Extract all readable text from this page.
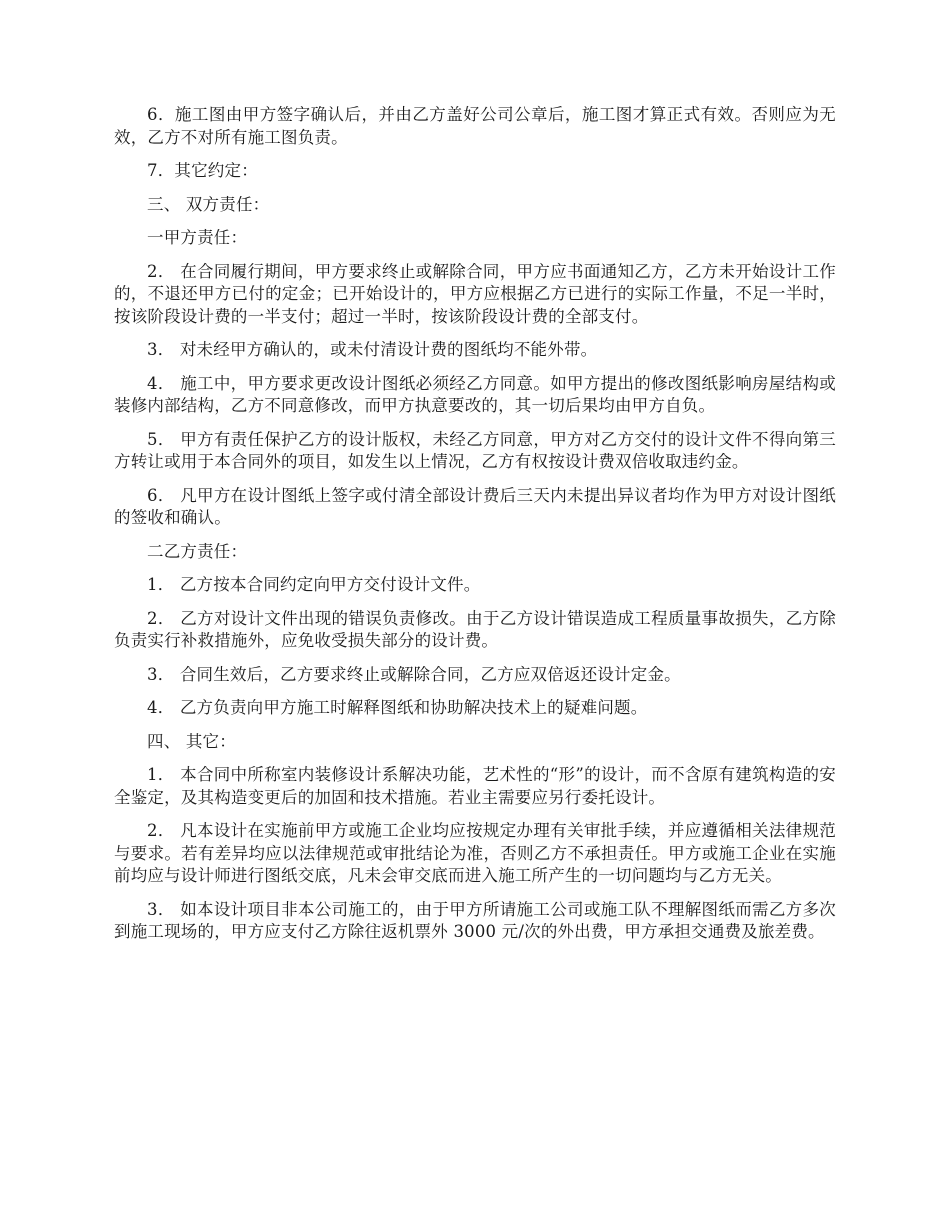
6．施工图由甲方签字确认后，并由乙方盖好公司公章后，施工图才算正式有效。否则应为无效，乙方不对所有施工图负责。

7．其它约定：

三、 双方责任：

一甲方责任：

2． 在合同履行期间，甲方要求终止或解除合同，甲方应书面通知乙方，乙方未开始设计工作的，不退还甲方已付的定金；已开始设计的，甲方应根据乙方已进行的实际工作量，不足一半时，按该阶段设计费的一半支付；超过一半时，按该阶段设计费的全部支付。

3． 对未经甲方确认的，或未付清设计费的图纸均不能外带。

4． 施工中，甲方要求更改设计图纸必须经乙方同意。如甲方提出的修改图纸影响房屋结构或装修内部结构，乙方不同意修改，而甲方执意要改的，其一切后果均由甲方自负。

5． 甲方有责任保护乙方的设计版权，未经乙方同意，甲方对乙方交付的设计文件不得向第三方转让或用于本合同外的项目，如发生以上情况，乙方有权按设计费双倍收取违约金。

6． 凡甲方在设计图纸上签字或付清全部设计费后三天内未提出异议者均作为甲方对设计图纸的签收和确认。

二乙方责任：

1． 乙方按本合同约定向甲方交付设计文件。

2． 乙方对设计文件出现的错误负责修改。由于乙方设计错误造成工程质量事故损失，乙方除负责实行补救措施外，应免收受损失部分的设计费。

3． 合同生效后，乙方要求终止或解除合同，乙方应双倍返还设计定金。

4． 乙方负责向甲方施工时解释图纸和协助解决技术上的疑难问题。

四、 其它：

1． 本合同中所称室内装修设计系解决功能，艺术性的“形”的设计，而不含原有建筑构造的安全鉴定，及其构造变更后的加固和技术措施。若业主需要应另行委托设计。

2． 凡本设计在实施前甲方或施工企业均应按规定办理有关审批手续，并应遵循相关法律规范与要求。若有差异均应以法律规范或审批结论为准，否则乙方不承担责任。甲方或施工企业在实施前均应与设计师进行图纸交底，凡未会审交底而进入施工所产生的一切问题均与乙方无关。

3． 如本设计项目非本公司施工的，由于甲方所请施工公司或施工队不理解图纸而需乙方多次到施工现场的，甲方应支付乙方除往返机票外 3000 元/次的外出费，甲方承担交通费及旅差费。
